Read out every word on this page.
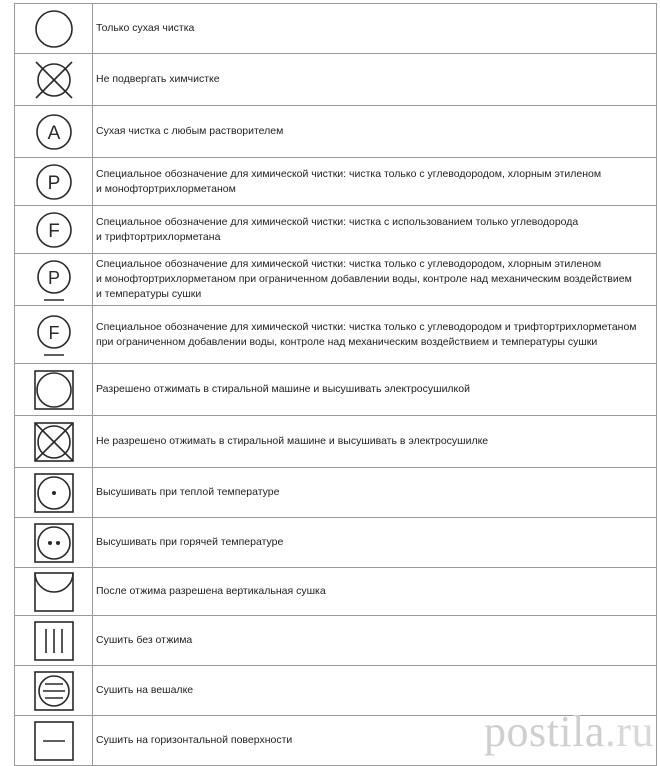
Только сухая чистка

Не подвергать химчистке

A	Сухая чистка с любым растворителем

P	Специальное обозначение для химической чистки: чистка только с углеводородом, хлорным этиленом
и монофтортрихлорметаном

F	Специальное обозначение для химической чистки: чистка с использованием только углеводорода
и трифтортрихлорметана

P	Специальное обозначение для химической чистки: чистка только с углеводородом, хлорным этиленом
и монофтортрихлорметаном при ограниченном добавлении воды, контроле над механическим воздействием
и температуры сушки

F	Специальное обозначение для химической чистки: чистка только с углеводородом и трифтортрихлорметаном
при ограниченном добавлении воды, контроле над механическим воздействием и температуры сушки

Разрешено отжимать в стиральной машине и высушивать электросушилкой

Не разрешено отжимать в стиральной машине и высушивать в электросушилке

Высушивать при теплой температуре

Высушивать при горячей температуре

После отжима разрешена вертикальная сушка

Сушить без отжима

Сушить на вешалке

Сушить на горизонтальной поверхности	postila.ru
